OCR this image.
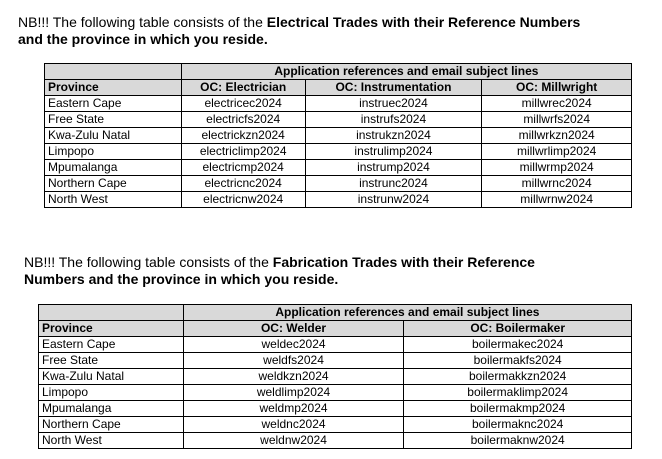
NB!!! The following table consists of the Electrical Trades with their Reference Numbers
and the province in which you reside.
	Application references and email subject lines		
Province	OC: Electrician	OC: Instrumentation	OC: Millwright
Eastern Cape	electricec2024	instruec2024	millwrec2024
Free State	electricfs2024	instrufs2024	millwrfs2024
Kwa-Zulu Natal	electrickzn2024	instrukzn2024	millwrkzn2024
Limpopo	electriclimp2024	instrulimp2024	millwrlimp2024
Mpumalanga	electricmp2024	instrump2024	millwrmp2024
Northern Cape	electricnc2024	instrunc2024	millwrnc2024
North West	electricnw2024	instrunw2024	millwrnw2024
NB!!! The following table consists of the Fabrication Trades with their Reference
Numbers and the province in which you reside.
	Application references and email subject lines	
Province	OC: Welder	OC: Boilermaker
Eastern Cape	weldec2024	boilermakec2024
Free State	weldfs2024	boilermakfs2024
Kwa-Zulu Natal	weldkzn2024	boilermakkzn2024
Limpopo	weldlimp2024	boilermaklimp2024
Mpumalanga	weldmp2024	boilermakmp2024
Northern Cape	weldnc2024	boilermaknc2024
North West	weldnw2024	boilermaknw2024
